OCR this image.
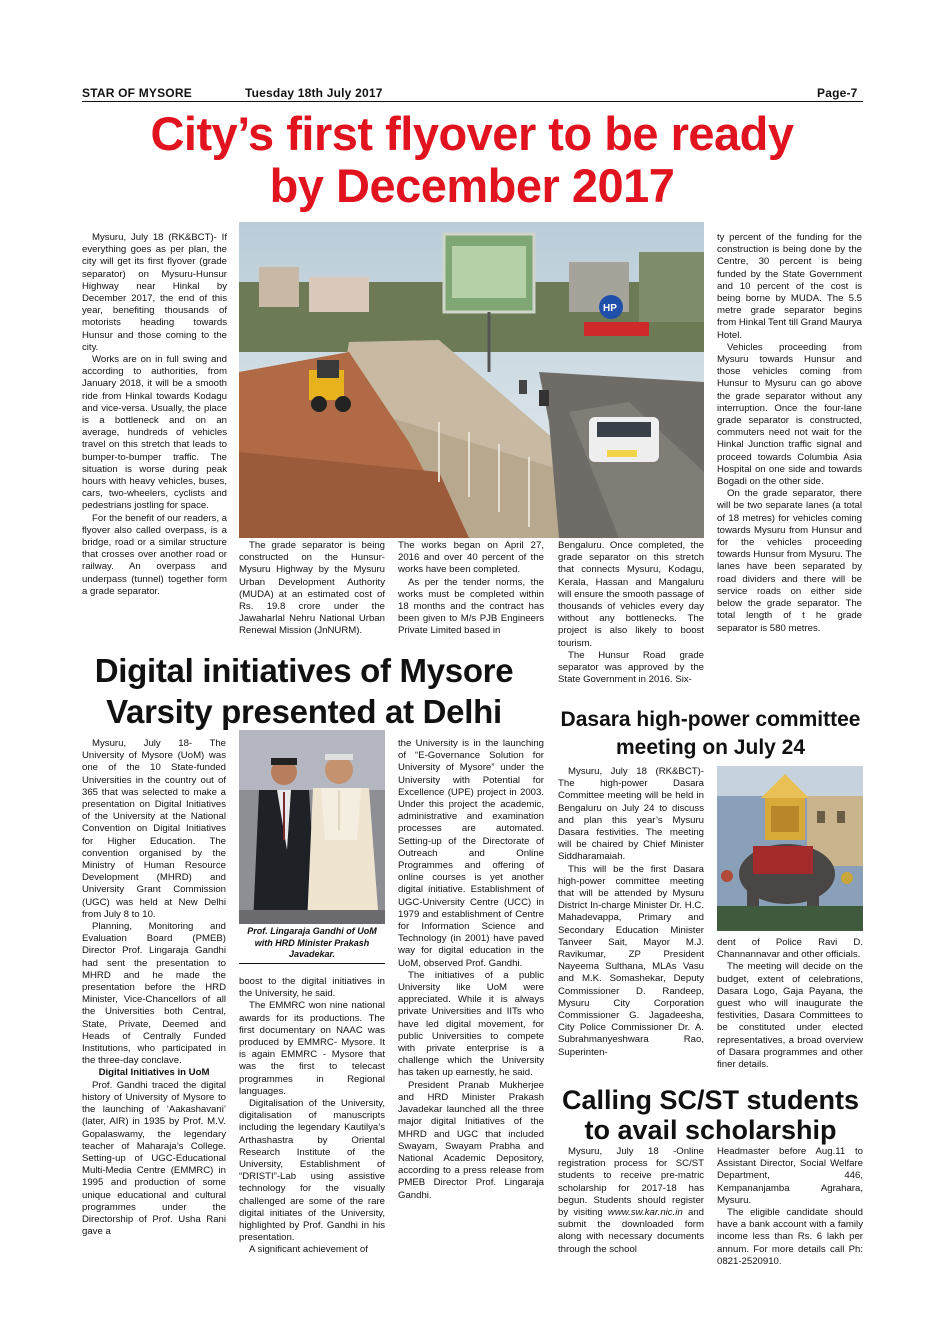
STAR OF MYSORE	Tuesday 18th July 2017	Page-7
City’s first flyover to be ready
by December 2017

Mysuru, July 18 (RK&BCT)- If everything goes as per plan, the city will get its first flyover (grade separator) on Mysuru-Hunsur Highway near Hinkal by December 2017, the end of this year, benefiting thousands of motorists heading towards Hunsur and those coming to the city.

Works are on in full swing and according to authorities, from January 2018, it will be a smooth ride from Hinkal towards Kodagu and vice-versa. Usually, the place is a bottleneck and on an average, hundreds of vehicles travel on this stretch that leads to bumper-to-bumper traffic. The situation is worse during peak hours with heavy vehicles, buses, cars, two-wheelers, cyclists and pedestrians jostling for space.

For the benefit of our readers, a flyover also called overpass, is a bridge, road or a similar structure that crosses over another road or railway. An overpass and underpass (tunnel) together form a grade separator.

HP

The grade separator is being constructed on the Hunsur-Mysuru Highway by the Mysuru Urban Development Authority (MUDA) at an estimated cost of Rs. 19.8 crore under the Jawaharlal Nehru National Urban Renewal Mission (JnNURM).

The works began on April 27, 2016 and over 40 percent of the works have been completed.

As per the tender norms, the works must be completed within 18 months and the contract has been given to M/s PJB Engineers Private Limited based in

Bengaluru. Once completed, the grade separator on this stretch that connects Mysuru, Kodagu, Kerala, Hassan and Mangaluru will ensure the smooth passage of thousands of vehicles every day without any bottlenecks. The project is also likely to boost tourism.

The Hunsur Road grade separator was approved by the State Government in 2016. Six-

ty percent of the funding for the construction is being done by the Centre, 30 percent is being funded by the State Government and 10 percent of the cost is being borne by MUDA. The 5.5 metre grade separator begins from Hinkal Tent till Grand Maurya Hotel.

Vehicles proceeding from Mysuru towards Hunsur and those vehicles coming from Hunsur to Mysuru can go above the grade separator without any interruption. Once the four-lane grade separator is constructed, commuters need not wait for the Hinkal Junction traffic signal and proceed towards Columbia Asia Hospital on one side and towards Bogadi on the other side.

On the grade separator, there will be two separate lanes (a total of 18 metres) for vehicles coming towards Mysuru from Hunsur and for the vehicles proceeding towards Hunsur from Mysuru. The lanes have been separated by road dividers and there will be service roads on either side below the grade separator. The total length of t he grade separator is 580 metres.

Digital initiatives of Mysore
Varsity presented at Delhi

Mysuru, July 18- The University of Mysore (UoM) was one of the 10 State-funded Universities in the country out of 365 that was selected to make a presentation on Digital Initiatives of the University at the National Convention on Digital Initiatives for Higher Education. The convention organised by the Ministry of Human Resource Development (MHRD) and University Grant Commission (UGC) was held at New Delhi from July 8 to 10.

Planning, Monitoring and Evaluation Board (PMEB) Director Prof. Lingaraja Gandhi had sent the presentation to MHRD and he made the presentation before the HRD Minister, Vice-Chancellors of all the Universities both Central, State, Private, Deemed and Heads of Centrally Funded Institutions, who participated in the three-day conclave.

Digital Initiatives in UoM

Prof. Gandhi traced the digital history of University of Mysore to the launching of ‘Aakashavani’ (later, AIR) in 1935 by Prof. M.V. Gopalaswamy, the legendary teacher of Maharaja’s College. Setting-up of UGC-Educational Multi-Media Centre (EMMRC) in 1995 and production of some unique educational and cultural programmes under the Directorship of Prof. Usha Rani gave a

Prof. Lingaraja Gandhi of UoM with HRD Minister Prakash Javadekar.

boost to the digital initiatives in the University, he said.

The EMMRC won nine national awards for its productions. The first documentary on NAAC was produced by EMMRC- Mysore. It is again EMMRC - Mysore that was the first to telecast programmes in Regional languages.

Digitalisation of the University, digitalisation of manuscripts including the legendary Kautilya’s Arthashastra by Oriental Research Institute of the University, Establishment of “DRISTI”-Lab using assistive technology for the visually challenged are some of the rare digital initiates of the University, highlighted by Prof. Gandhi in his presentation.

A significant achievement of

the University is in the launching of “E-Governance Solution for University of Mysore” under the University with Potential for Excellence (UPE) project in 2003. Under this project the academic, administrative and examination processes are automated. Setting-up of the Directorate of Outreach and Online Programmes and offering of online courses is yet another digital initiative. Establishment of UGC-University Centre (UCC) in 1979 and establishment of Centre for Information Science and Technology (in 2001) have paved way for digital education in the UoM, observed Prof. Gandhi.

The initiatives of a public University like UoM were appreciated. While it is always private Universities and IITs who have led digital movement, for public Universities to compete with private enterprise is a challenge which the University has taken up earnestly, he said.

President Pranab Mukherjee and HRD Minister Prakash Javadekar launched all the three major digital Initiatives of the MHRD and UGC that included Swayam, Swayam Prabha and National Academic Depository, according to a press release from PMEB Director Prof. Lingaraja Gandhi.

Dasara high-power committee
meeting on July 24

Mysuru, July 18 (RK&BCT)- The high-power Dasara Committee meeting will be held in Bengaluru on July 24 to discuss and plan this year’s Mysuru Dasara festivities. The meeting will be chaired by Chief Minister Siddharamaiah.

This will be the first Dasara high-power committee meeting that will be attended by Mysuru District In-charge Minister Dr. H.C. Mahadevappa, Primary and Secondary Education Minister Tanveer Sait, Mayor M.J. Ravikumar, ZP President Nayeema Sulthana, MLAs Vasu and M.K. Somashekar, Deputy Commissioner D. Randeep, Mysuru City Corporation Commissioner G. Jagadeesha, City Police Commissioner Dr. A. Subrahmanyeshwara Rao, Superinten-

dent of Police Ravi D. Channannavar and other officials.

The meeting will decide on the budget, extent of celebrations, Dasara Logo, Gaja Payana, the guest who will inaugurate the festivities, Dasara Committees to be constituted under elected representatives, a broad overview of Dasara programmes and other finer details.

Calling SC/ST students
to avail scholarship

Mysuru, July 18 -Online registration process for SC/ST students to receive pre-matric scholarship for 2017-18 has begun. Students should register by visiting www.sw.kar.nic.in and submit the downloaded form along with necessary documents through the school

Headmaster before Aug.11 to Assistant Director, Social Welfare Department, 446, Kempananjamba Agrahara, Mysuru.

The eligible candidate should have a bank account with a family income less than Rs. 6 lakh per annum. For more details call Ph: 0821-2520910.
